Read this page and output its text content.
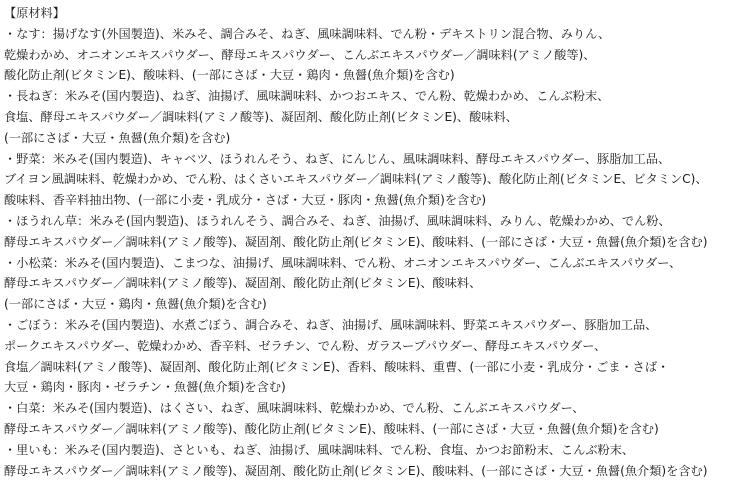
【原材料】
・なす：揚げなす(外国製造)、米みそ、調合みそ、ねぎ、風味調味料、でん粉・デキストリン混合物、みりん、
乾燥わかめ、オニオンエキスパウダー、酵母エキスパウダー、こんぶエキスパウダー／調味料(アミノ酸等)、
酸化防止剤(ビタミンE)、酸味料、(一部にさば・大豆・鶏肉・魚醤(魚介類)を含む)
・長ねぎ：米みそ(国内製造)、ねぎ、油揚げ、風味調味料、かつおエキス、でん粉、乾燥わかめ、こんぶ粉末、
食塩、酵母エキスパウダー／調味料(アミノ酸等)、凝固剤、酸化防止剤(ビタミンE)、酸味料、
(一部にさば・大豆・魚醤(魚介類)を含む)
・野菜：米みそ(国内製造)、キャベツ、ほうれんそう、ねぎ、にんじん、風味調味料、酵母エキスパウダー、豚脂加工品、
ブイヨン風調味料、乾燥わかめ、でん粉、はくさいエキスパウダー／調味料(アミノ酸等)、酸化防止剤(ビタミンE、ビタミンC)、
酸味料、香辛料抽出物、(一部に小麦・乳成分・さば・大豆・豚肉・魚醤(魚介類)を含む)
・ほうれん草：米みそ(国内製造)、ほうれんそう、調合みそ、ねぎ、油揚げ、風味調味料、みりん、乾燥わかめ、でん粉、
酵母エキスパウダー／調味料(アミノ酸等)、凝固剤、酸化防止剤(ビタミンE)、酸味料、(一部にさば・大豆・魚醤(魚介類)を含む)
・小松菜：米みそ(国内製造)、こまつな、油揚げ、風味調味料、でん粉、オニオンエキスパウダー、こんぶエキスパウダー、
酵母エキスパウダー／調味料(アミノ酸等)、凝固剤、酸化防止剤(ビタミンE)、酸味料、
(一部にさば・大豆・鶏肉・魚醤(魚介類)を含む)
・ごぼう：米みそ(国内製造)、水煮ごぼう、調合みそ、ねぎ、油揚げ、風味調味料、野菜エキスパウダー、豚脂加工品、
ポークエキスパウダー、乾燥わかめ、香辛料、ゼラチン、でん粉、ガラスープパウダー、酵母エキスパウダー、
食塩／調味料(アミノ酸等)、凝固剤、酸化防止剤(ビタミンE)、香料、酸味料、重曹、(一部に小麦・乳成分・ごま・さば・
大豆・鶏肉・豚肉・ゼラチン・魚醤(魚介類)を含む)
・白菜：米みそ(国内製造)、はくさい、ねぎ、風味調味料、乾燥わかめ、でん粉、こんぶエキスパウダー、
酵母エキスパウダー／調味料(アミノ酸等)、酸化防止剤(ビタミンE)、酸味料、(一部にさば・大豆・魚醤(魚介類)を含む)
・里いも：米みそ(国内製造)、さといも、ねぎ、油揚げ、風味調味料、でん粉、食塩、かつお節粉末、こんぶ粉末、
酵母エキスパウダー／調味料(アミノ酸等)、凝固剤、酸化防止剤(ビタミンE)、酸味料、(一部にさば・大豆・魚醤(魚介類)を含む)
